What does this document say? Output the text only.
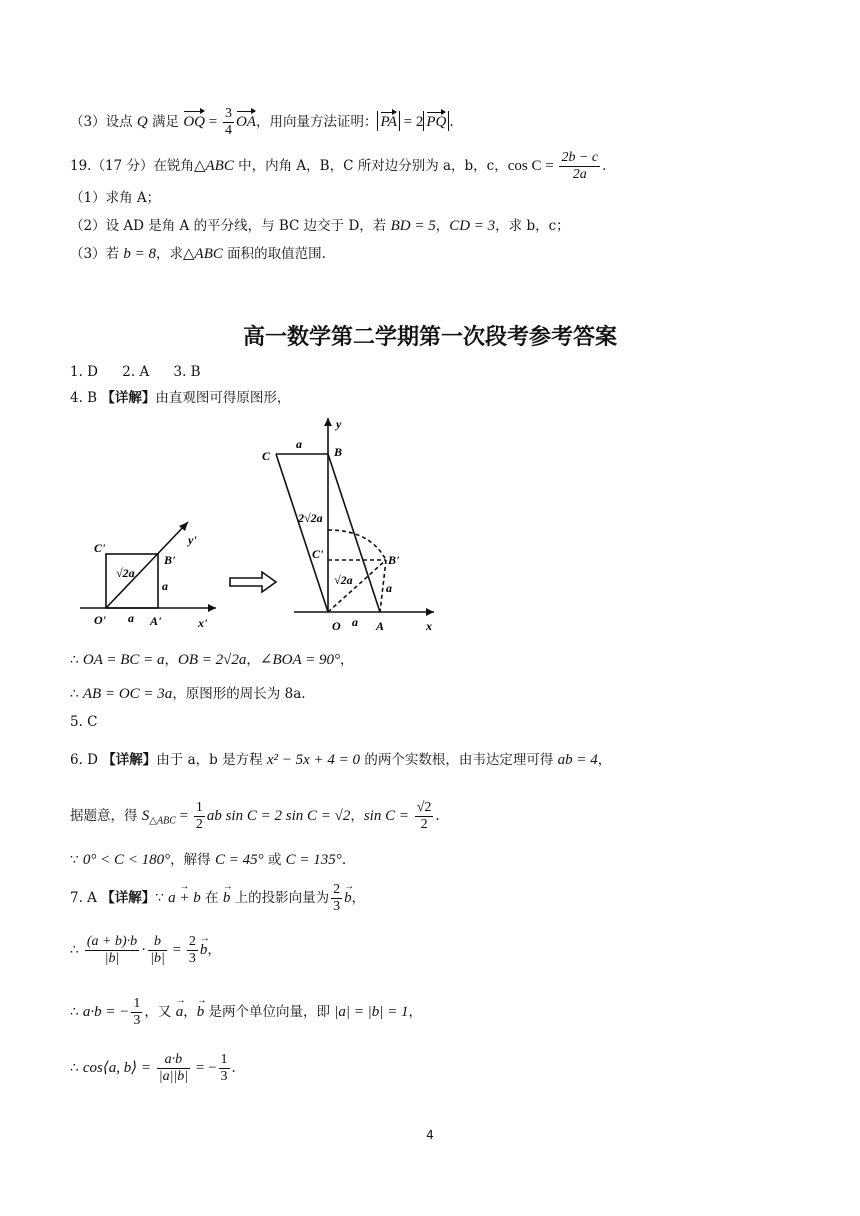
（3）设点 Q 满足 OQ = $\frac{3}{4}$ OA，用向量方法证明： PA = 2 PQ .
19.（17 分）在锐角△ABC 中，内角 A，B，C 所对边分别为 a，b，c，$\cos C = \frac{2b - c}{2a}$ .
（1）求角 A；
（2）设 AD 是角 A 的平分线，与 BC 边交于 D，若 BD = 5，CD = 3，求 b，c；
（3）若 b = 8，求△ABC 面积的取值范围.
高一数学第二学期第一次段考参考答案
1. D 2. A 3. B
4. B 【详解】由直观图可得原图形，
C'
B'
y'
√2a
a
O' a A'	x'
C
a
B
y
2√2a
C'	B'
√2a
a
O a A	x
∴ OA = BC = a，OB = 2√2a，∠BOA = 90°，
∴ AB = OC = 3a，原图形的周长为 8a.
5. C
6. D 【详解】由于 a，b 是方程 x² − 5x + 4 = 0 的两个实数根，由韦达定理可得 ab = 4，
据题意，得 $S_{\triangle ABC} = \frac{1}{2}$ ab sin C = 2 sin C = √2，$\sin C = \frac{√2}{2}$ .
∵ 0° < C < 180°，解得 C = 45° 或 C = 135°.
7. A 【详解】∵ → a + b 在 → b 上的投影向量为 $\frac{2}{3}$
→ b，
∴ $\frac{(a + b)\cdot b}{|b|} \cdot \frac{b}{|b|} = \frac{2}{3}$
→ b，
∴ a·b = − $\frac{1}{3}$ ，又 → a，→ b 是两个单位向量，即 |a| = |b| = 1，
∴ cos⟨a, b⟩ = $\frac{a\cdot b}{|a||b|}$ = − $\frac{1}{3}$ .
4
